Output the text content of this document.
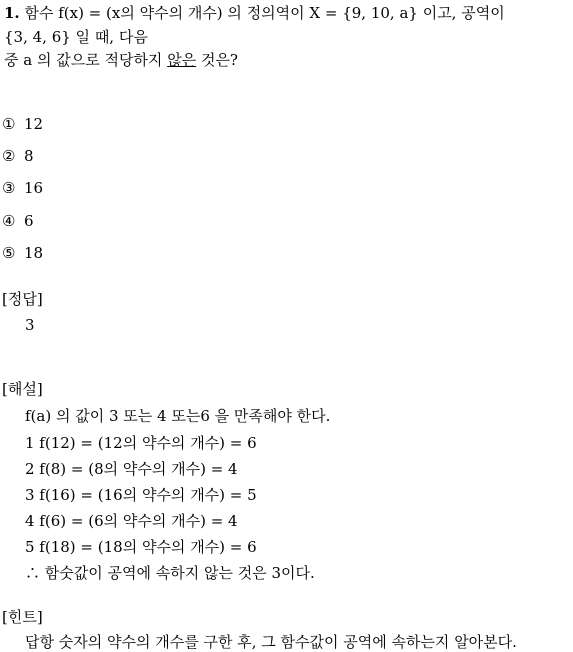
1. 함수 f(x) = (x의 약수의 개수) 의 정의역이 X = {9, 10, a} 이고, 공역이
{3, 4, 6} 일 때, 다음
중 a 의 값으로 적당하지 않은 것은?
① 12
② 8
③ 16
④ 6
⑤ 18
[정답]
3
[해설]
f(a) 의 값이 3 또는 4 또는6 을 만족해야 한다.
1 f(12) = (12의 약수의 개수) = 6
2 f(8) = (8의 약수의 개수) = 4
3 f(16) = (16의 약수의 개수) = 5
4 f(6) = (6의 약수의 개수) = 4
5 f(18) = (18의 약수의 개수) = 6
∴ 함숫값이 공역에 속하지 않는 것은 3이다.
[힌트]
답항 숫자의 약수의 개수를 구한 후, 그 함수값이 공역에 속하는지 알아본다.
